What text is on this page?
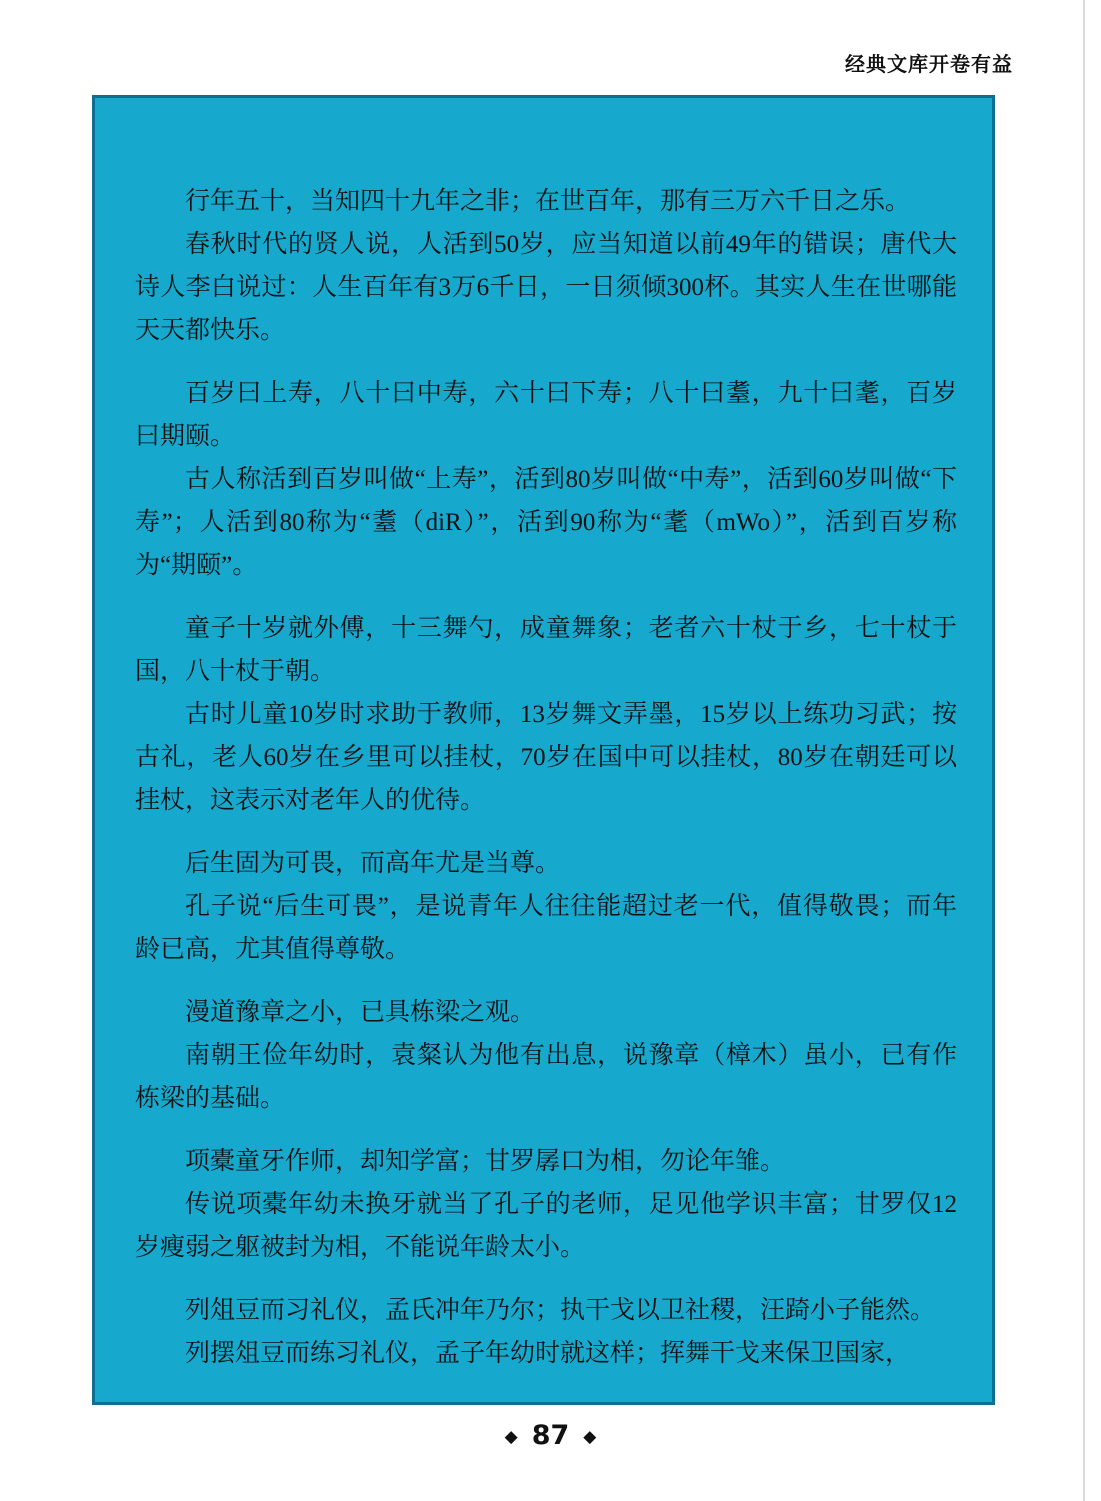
经典文库开卷有益

行年五十，当知四十九年之非；在世百年，那有三万六千日之乐。

春秋时代的贤人说，人活到50岁，应当知道以前49年的错误；唐代大诗人李白说过：人生百年有3万6千日，一日须倾300杯。其实人生在世哪能天天都快乐。

百岁曰上寿，八十曰中寿，六十曰下寿；八十曰耋，九十曰耄，百岁曰期颐。

古人称活到百岁叫做“上寿”，活到80岁叫做“中寿”，活到60岁叫做“下寿”；人活到80称为“耋（diR）”，活到90称为“耄（mWo）”，活到百岁称为“期颐”。

童子十岁就外傅，十三舞勺，成童舞象；老者六十杖于乡，七十杖于国，八十杖于朝。

古时儿童10岁时求助于教师，13岁舞文弄墨，15岁以上练功习武；按古礼，老人60岁在乡里可以挂杖，70岁在国中可以挂杖，80岁在朝廷可以挂杖，这表示对老年人的优待。

后生固为可畏，而高年尤是当尊。

孔子说“后生可畏”，是说青年人往往能超过老一代，值得敬畏；而年龄已高，尤其值得尊敬。

漫道豫章之小，已具栋梁之观。

南朝王俭年幼时，袁粲认为他有出息，说豫章（樟木）虽小，已有作栋梁的基础。

项橐童牙作师，却知学富；甘罗孱口为相，勿论年雏。

传说项橐年幼未换牙就当了孔子的老师，足见他学识丰富；甘罗仅12岁瘦弱之躯被封为相，不能说年龄太小。

列俎豆而习礼仪，孟氏冲年乃尔；执干戈以卫社稷，汪踦小子能然。

列摆俎豆而练习礼仪，孟子年幼时就这样；挥舞干戈来保卫国家，

◆ 87 ◆
